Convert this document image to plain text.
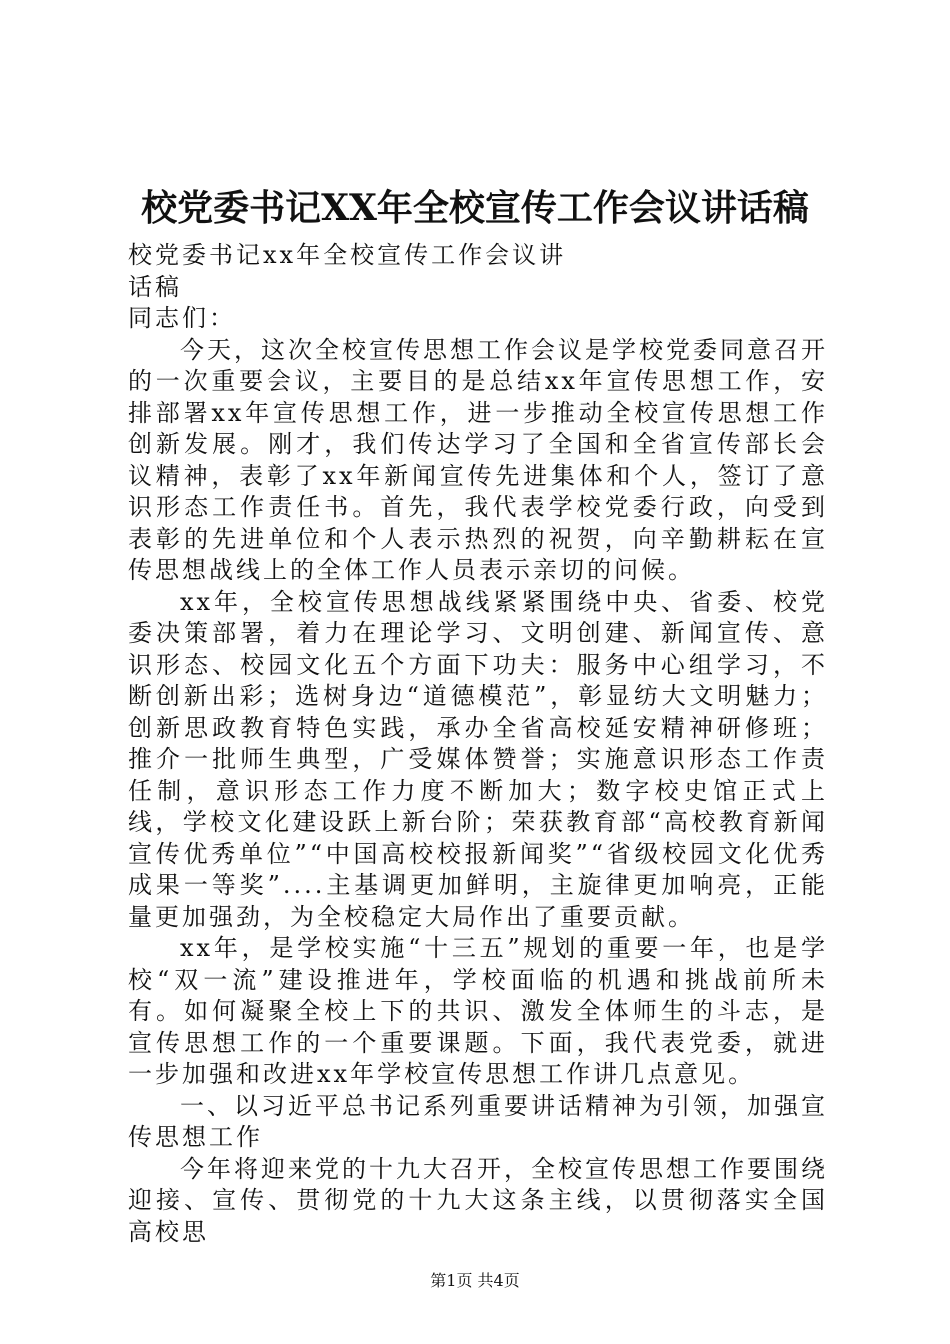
校党委书记XX年全校宣传工作会议讲话稿

校党委书记xx年全校宣传工作会议讲

话稿

同志们：

今天，这次全校宣传思想工作会议是学校党委同意召开的一次重要会议，主要目的是总结xx年宣传思想工作，安排部署xx年宣传思想工作，进一步推动全校宣传思想工作创新发展。刚才，我们传达学习了全国和全省宣传部长会议精神，表彰了xx年新闻宣传先进集体和个人，签订了意识形态工作责任书。首先，我代表学校党委行政，向受到表彰的先进单位和个人表示热烈的祝贺，向辛勤耕耘在宣传思想战线上的全体工作人员表示亲切的问候。

xx年，全校宣传思想战线紧紧围绕中央、省委、校党委决策部署，着力在理论学习、文明创建、新闻宣传、意识形态、校园文化五个方面下功夫：服务中心组学习，不断创新出彩；选树身边“道德模范”，彰显纺大文明魅力；创新思政教育特色实践，承办全省高校延安精神研修班；推介一批师生典型，广受媒体赞誉；实施意识形态工作责任制，意识形态工作力度不断加大；数字校史馆正式上线，学校文化建设跃上新台阶；荣获教育部“高校教育新闻宣传优秀单位”“中国高校校报新闻奖”“省级校园文化优秀成果一等奖”....主基调更加鲜明，主旋律更加响亮，正能量更加强劲，为全校稳定大局作出了重要贡献。

xx年，是学校实施“十三五”规划的重要一年，也是学校“双一流”建设推进年，学校面临的机遇和挑战前所未有。如何凝聚全校上下的共识、激发全体师生的斗志，是宣传思想工作的一个重要课题。下面，我代表党委，就进一步加强和改进xx年学校宣传思想工作讲几点意见。

一、以习近平总书记系列重要讲话精神为引领，加强宣传思想工作

今年将迎来党的十九大召开，全校宣传思想工作要围绕迎接、宣传、贯彻党的十九大这条主线，以贯彻落实全国高校思

第1页 共4页
